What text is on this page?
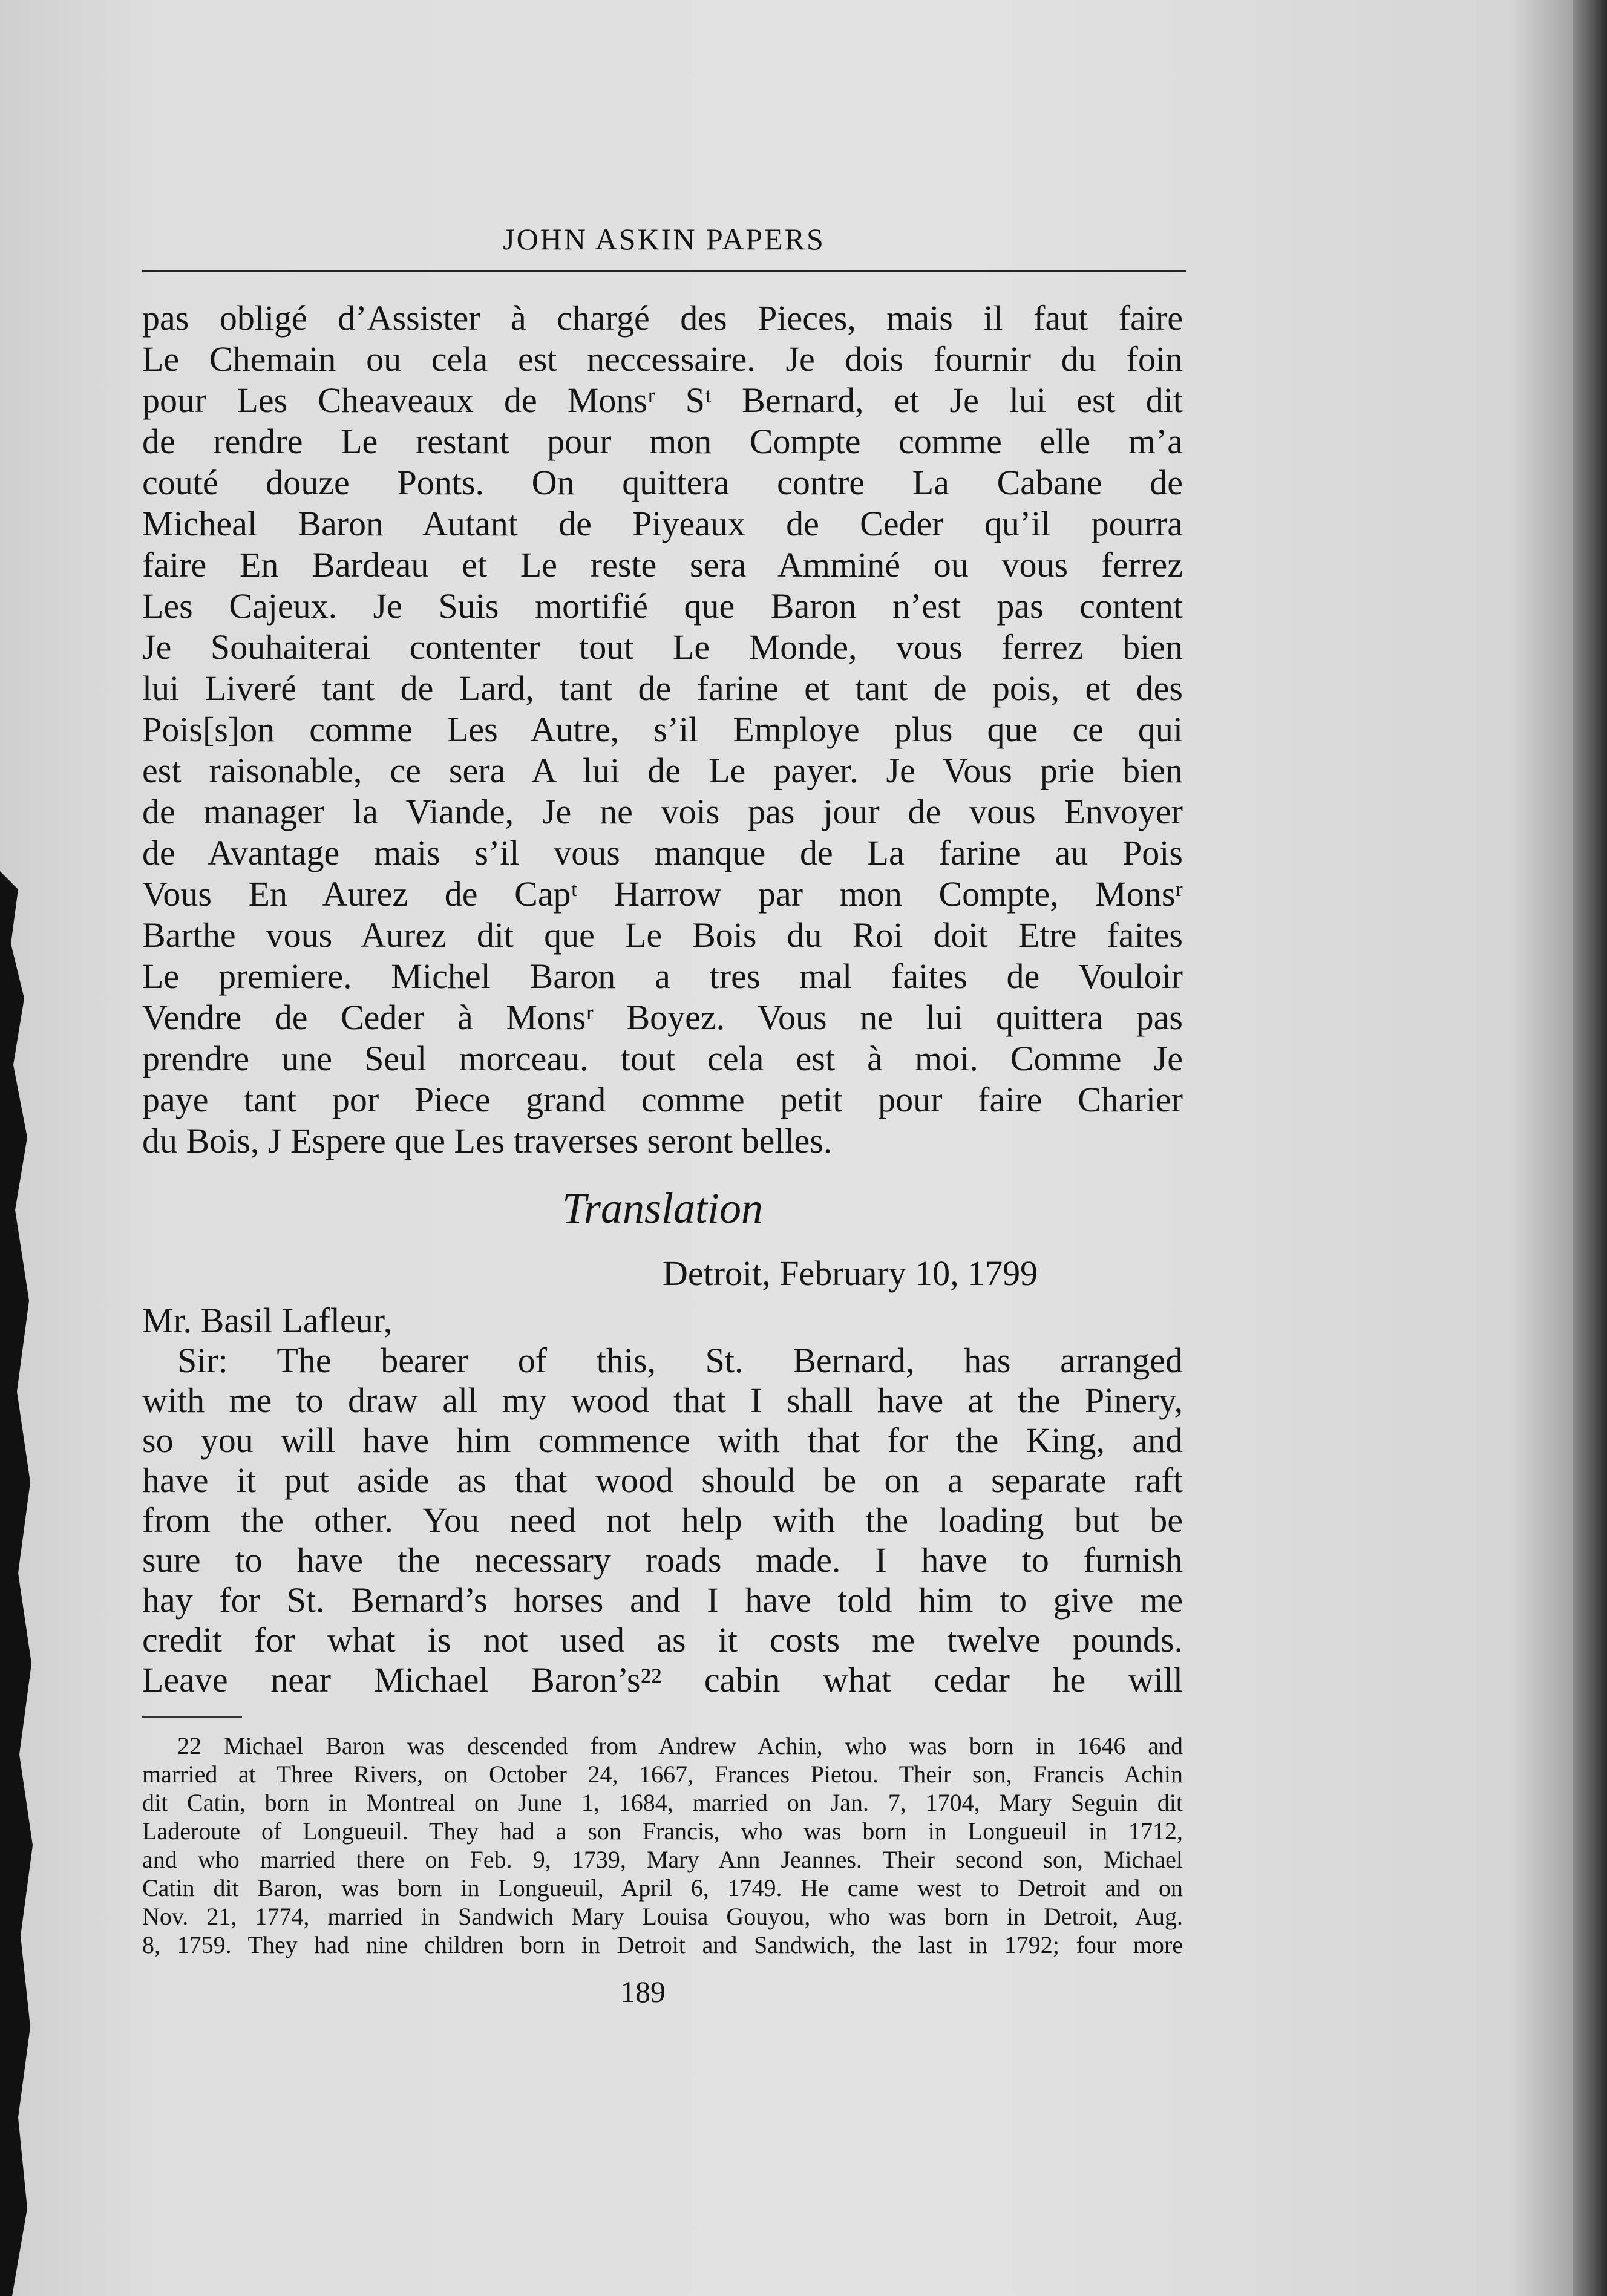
JOHN ASKIN PAPERS
pas obligé d’Assister à chargé des Pieces, mais il faut faire
Le Chemain ou cela est neccessaire. Je dois fournir du foin
pour Les Cheaveaux de Monsʳ Sᵗ Bernard, et Je lui est dit
de rendre Le restant pour mon Compte comme elle m’a
couté douze Ponts. On quittera contre La Cabane de
Micheal Baron Autant de Piyeaux de Ceder qu’il pourra
faire En Bardeau et Le reste sera Amminé ou vous ferrez
Les Cajeux. Je Suis mortifié que Baron n’est pas content
Je Souhaiterai contenter tout Le Monde, vous ferrez bien
lui Liveré tant de Lard, tant de farine et tant de pois, et des
Pois[s]on comme Les Autre, s’il Employe plus que ce qui
est raisonable, ce sera A lui de Le payer. Je Vous prie bien
de manager la Viande, Je ne vois pas jour de vous Envoyer
de Avantage mais s’il vous manque de La farine au Pois
Vous En Aurez de Capᵗ Harrow par mon Compte, Monsʳ
Barthe vous Aurez dit que Le Bois du Roi doit Etre faites
Le premiere. Michel Baron a tres mal faites de Vouloir
Vendre de Ceder à Monsʳ Boyez. Vous ne lui quittera pas
prendre une Seul morceau. tout cela est à moi. Comme Je
paye tant por Piece grand comme petit pour faire Charier
du Bois, J Espere que Les traverses seront belles.
Translation
Detroit, February 10, 1799
Mr. Basil Lafleur,
Sir: The bearer of this, St. Bernard, has arranged
with me to draw all my wood that I shall have at the Pinery,
so you will have him commence with that for the King, and
have it put aside as that wood should be on a separate raft
from the other. You need not help with the loading but be
sure to have the necessary roads made. I have to furnish
hay for St. Bernard’s horses and I have told him to give me
credit for what is not used as it costs me twelve pounds.
Leave near Michael Baron’s²² cabin what cedar he will
22 Michael Baron was descended from Andrew Achin, who was born in 1646 and
married at Three Rivers, on October 24, 1667, Frances Pietou. Their son, Francis Achin
dit Catin, born in Montreal on June 1, 1684, married on Jan. 7, 1704, Mary Seguin dit
Laderoute of Longueuil. They had a son Francis, who was born in Longueuil in 1712,
and who married there on Feb. 9, 1739, Mary Ann Jeannes. Their second son, Michael
Catin dit Baron, was born in Longueuil, April 6, 1749. He came west to Detroit and on
Nov. 21, 1774, married in Sandwich Mary Louisa Gouyou, who was born in Detroit, Aug.
8, 1759. They had nine children born in Detroit and Sandwich, the last in 1792; four more
189
